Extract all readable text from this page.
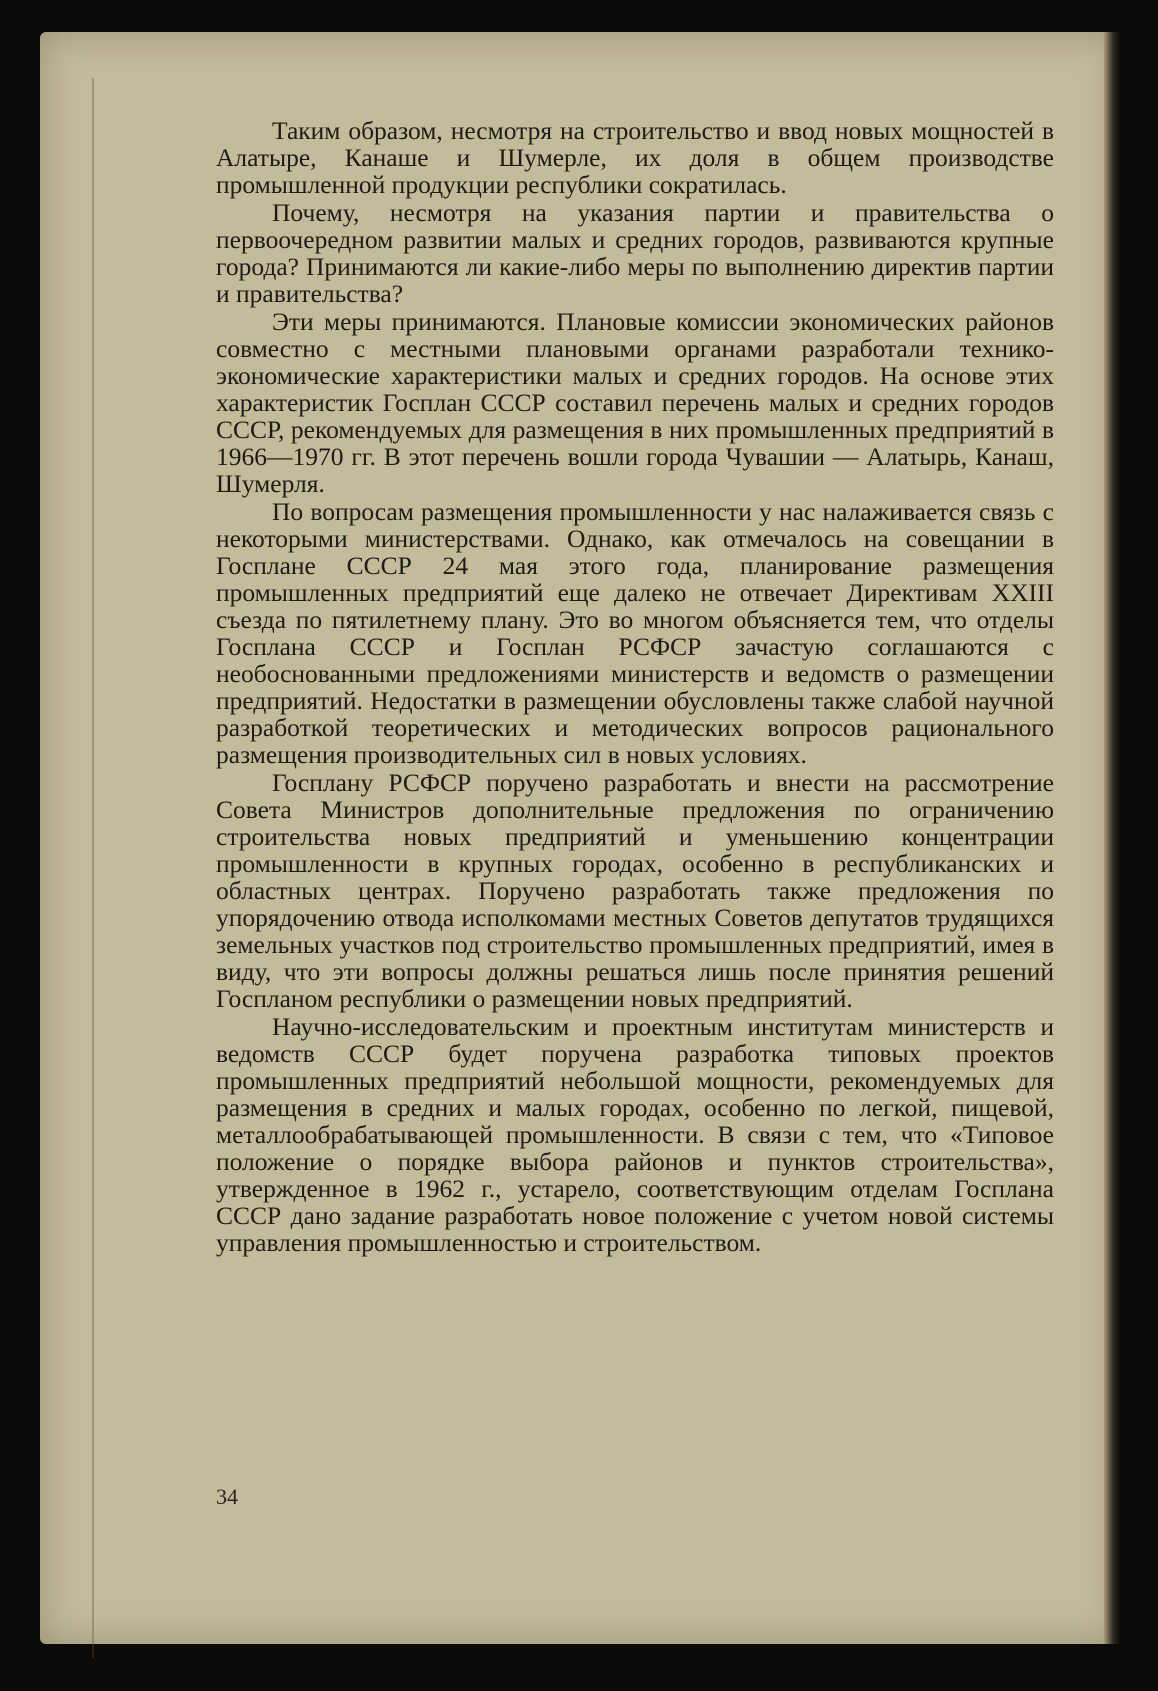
Таким образом, несмотря на строительство и ввод новых мощностей в Алатыре, Канаше и Шумерле, их доля в общем производстве промышленной продукции республики сократилась.

Почему, несмотря на указания партии и правительства о первоочередном развитии малых и средних городов, развиваются крупные города? Принимаются ли какие-либо меры по выполнению директив партии и правительства?

Эти меры принимаются. Плановые комиссии экономических районов совместно с местными плановыми органами разработали технико-экономические характеристики малых и средних городов. На основе этих характеристик Госплан СССР составил перечень малых и средних городов СССР, рекомендуемых для размещения в них промышленных предприятий в 1966—1970 гг. В этот перечень вошли города Чувашии — Алатырь, Канаш, Шумерля.

По вопросам размещения промышленности у нас налаживается связь с некоторыми министерствами. Однако, как отмечалось на совещании в Госплане СССР 24 мая этого года, планирование размещения промышленных предприятий еще далеко не отвечает Директивам XXIII съезда по пятилетнему плану. Это во многом объясняется тем, что отделы Госплана СССР и Госплан РСФСР зачастую соглашаются с необоснованными предложениями министерств и ведомств о размещении предприятий. Недостатки в размещении обусловлены также слабой научной разработкой теоретических и методических вопросов рационального размещения производительных сил в новых условиях.

Госплану РСФСР поручено разработать и внести на рассмотрение Совета Министров дополнительные предложения по ограничению строительства новых предприятий и уменьшению концентрации промышленности в крупных городах, особенно в республиканских и областных центрах. Поручено разработать также предложения по упорядочению отвода исполкомами местных Советов депутатов трудящихся земельных участков под строительство промышленных предприятий, имея в виду, что эти вопросы должны решаться лишь после принятия решений Госпланом республики о размещении новых предприятий.

Научно-исследовательским и проектным институтам министерств и ведомств СССР будет поручена разработка типовых проектов промышленных предприятий небольшой мощности, рекомендуемых для размещения в средних и малых городах, особенно по легкой, пищевой, металлообрабатывающей промышленности. В связи с тем, что «Типовое положение о порядке выбора районов и пунктов строительства», утвержденное в 1962 г., устарело, соответствующим отделам Госплана СССР дано задание разработать новое положение с учетом новой системы управления промышленностью и строительством.

34
